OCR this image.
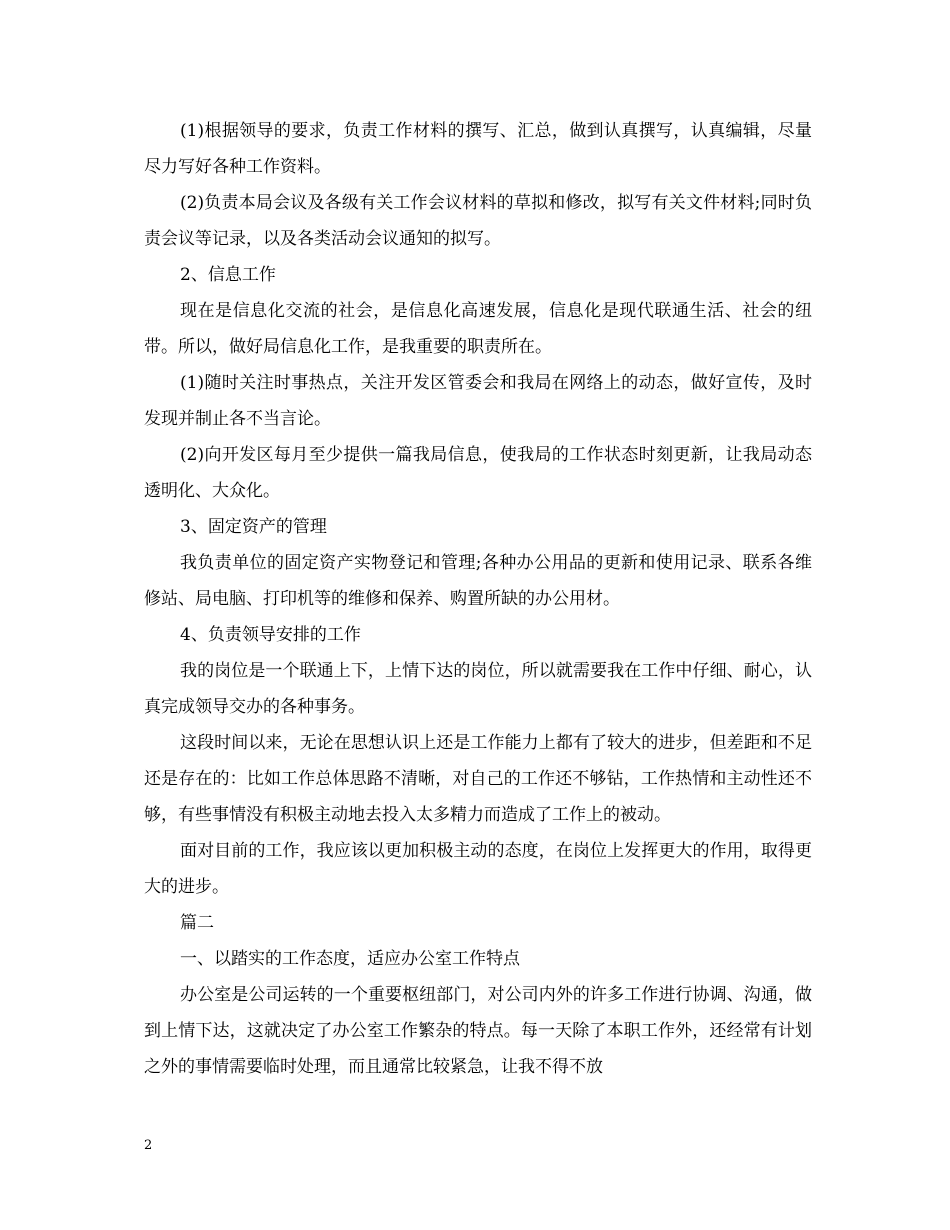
(1)根据领导的要求，负责工作材料的撰写、汇总，做到认真撰写，认真编辑，尽量尽力写好各种工作资料。

(2)负责本局会议及各级有关工作会议材料的草拟和修改，拟写有关文件材料;同时负责会议等记录，以及各类活动会议通知的拟写。

2、信息工作

现在是信息化交流的社会，是信息化高速发展，信息化是现代联通生活、社会的纽带。所以，做好局信息化工作，是我重要的职责所在。

(1)随时关注时事热点，关注开发区管委会和我局在网络上的动态，做好宣传，及时发现并制止各不当言论。

(2)向开发区每月至少提供一篇我局信息，使我局的工作状态时刻更新，让我局动态透明化、大众化。

3、固定资产的管理

我负责单位的固定资产实物登记和管理;各种办公用品的更新和使用记录、联系各维修站、局电脑、打印机等的维修和保养、购置所缺的办公用材。

4、负责领导安排的工作

我的岗位是一个联通上下，上情下达的岗位，所以就需要我在工作中仔细、耐心，认真完成领导交办的各种事务。

这段时间以来，无论在思想认识上还是工作能力上都有了较大的进步，但差距和不足还是存在的：比如工作总体思路不清晰，对自己的工作还不够钻，工作热情和主动性还不够，有些事情没有积极主动地去投入太多精力而造成了工作上的被动。

面对目前的工作，我应该以更加积极主动的态度，在岗位上发挥更大的作用，取得更大的进步。

篇二

一、以踏实的工作态度，适应办公室工作特点

办公室是公司运转的一个重要枢纽部门，对公司内外的许多工作进行协调、沟通，做到上情下达，这就决定了办公室工作繁杂的特点。每一天除了本职工作外，还经常有计划之外的事情需要临时处理，而且通常比较紧急，让我不得不放

2
